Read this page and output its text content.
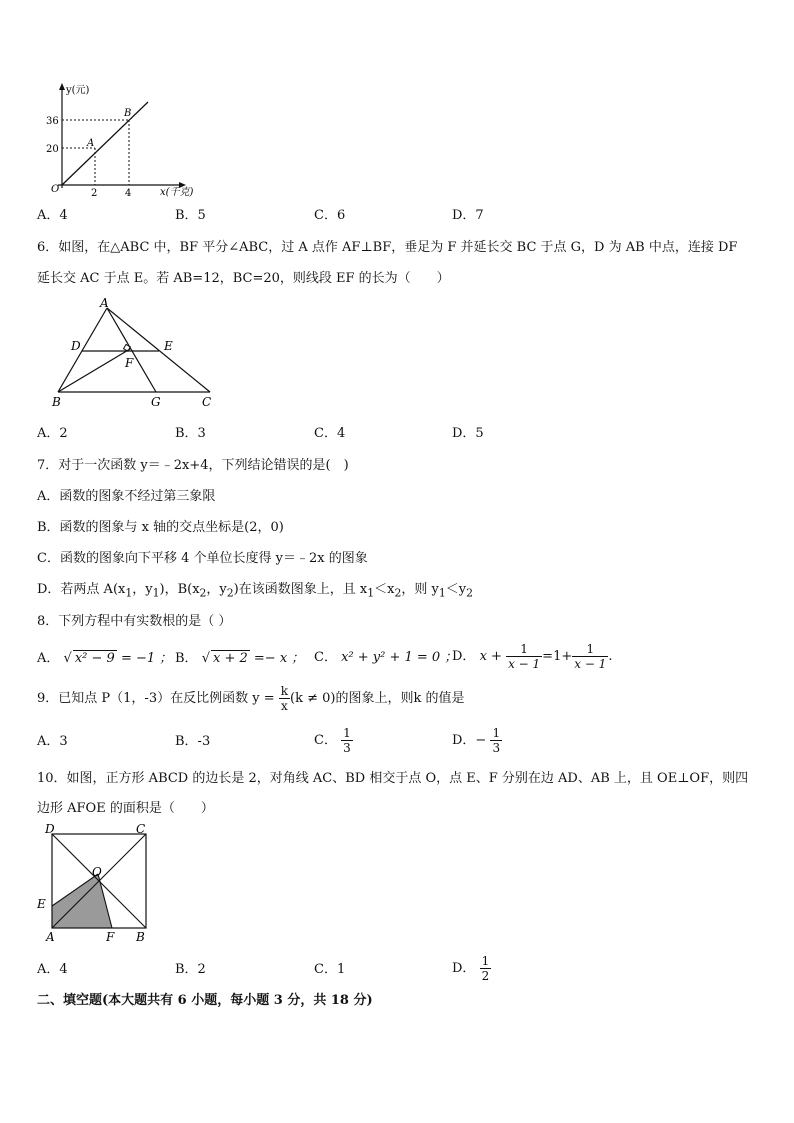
y(元)
x(千克)
O
A
B
36
20
2	4
A．4	B．5	C．6	D．7
6．如图，在△ABC 中，BF 平分∠ABC，过 A 点作 AF⊥BF，垂足为 F 并延长交 BC 于点 G，D 为 AB 中点，连接 DF
延长交 AC 于点 E。若 AB=12，BC=20，则线段 EF 的长为（　　）
A
D	E
F
B	G	C
A．2	B．3	C．4	D．5
7．对于一次函数 y＝﹣2x+4，下列结论错误的是(　)
A．函数的图象不经过第三象限
B．函数的图象与 x 轴的交点坐标是(2，0)
C．函数的图象向下平移 4 个单位长度得 y＝﹣2x 的图象
D．若两点 $A(x_1$，$y_1$)，$B(x_2$，$y_2$)在该函数图象上，且 $x_1<x_2$，则 $y_1<y_2$
8．下列方程中有实数根的是（ ）
A． √ x² − 9 = −1 ； B． √ x + 2 =− x ； C． x² + y² + 1 = 0 ；
D． $x + \frac{1}{x - 1} =1+ \frac{1}{x - 1}$ .
9．已知点 P（1，-3）在反比例函数 $y = \frac{k}{x} (k \ne 0)$的图象上，则k 的值是
A．3	B．-3	C． $\frac{1}{3}$	D．− $\frac{1}{3}$
10．如图，正方形 ABCD 的边长是 2，对角线 AC、BD 相交于点 O，点 E、F 分别在边 AD、AB 上，且 OE⊥OF，则四
边形 AFOE 的面积是（　　）
D	C
O
E
A	F B
A．4	B．2	C．1	D． $\frac{1}{2}$
二、填空题(本大题共有 6 小题，每小题 3 分，共 18 分)
